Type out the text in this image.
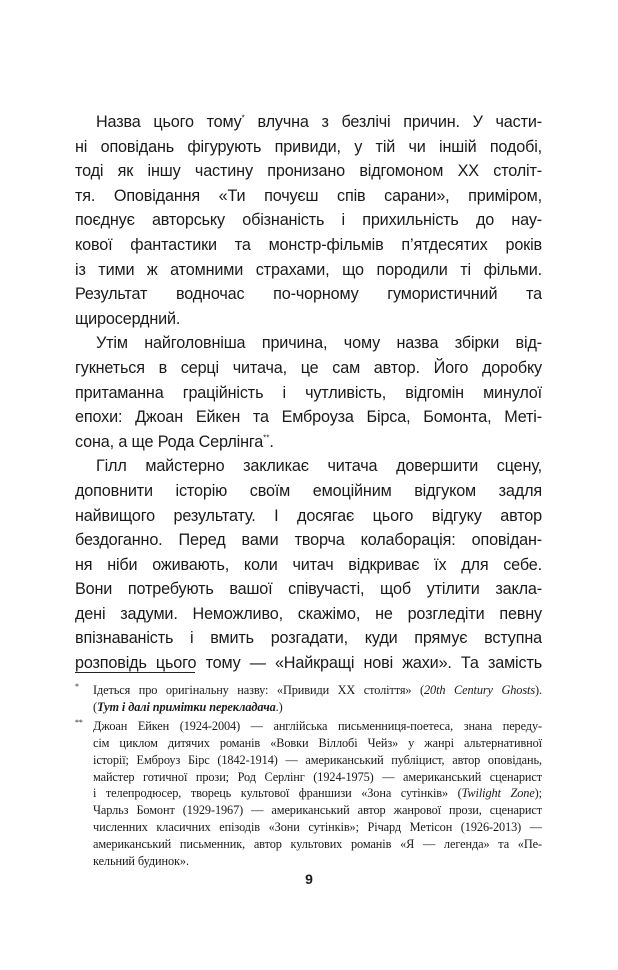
Назва цього тому* влучна з безлічі причин. У части-
ні оповідань фігурують привиди, у тій чи іншій подобі,
тоді як іншу частину пронизано відгомоном XX століт-
тя. Оповідання «Ти почуєш спів сарани», приміром,
поєднує авторську обізнаність і прихильність до нау-
кової фантастики та монстр-фільмів п’ятдесятих років
із тими ж атомними страхами, що породили ті фільми.
Результат водночас по-чорному гумористичний та
щиросердний.

Утім найголовніша причина, чому назва збірки від-
гукнеться в серці читача, це сам автор. Його доробку
притаманна граційність і чутливість, відгомін минулої
епохи: Джоан Ейкен та Емброуза Бірса, Бомонта, Меті-
сона, а ще Рода Серлінга**.

Гілл майстерно закликає читача довершити сцену,
доповнити історію своїм емоційним відгуком задля
найвищого результату. І досягає цього відгуку автор
бездоганно. Перед вами творча колаборація: оповідан-
ня ніби оживають, коли читач відкриває їх для себе.
Вони потребують вашої співучасті, щоб утілити заклa-
дені задуми. Неможливо, скажімо, не розгледіти певну
впізнаваність і вмить розгадати, куди прямує вступна
розповідь цього тому — «Найкращі нові жахи». Та замість

* Ідеться про оригінальну назву: «Привиди XX століття» (20th Century Ghosts).
(Тут і далі примітки перекладача.)
** Джоан Ейкен (1924-2004) — англійська письменниця-поетеса, знана переду-
сім циклом дитячих романів «Вовки Віллобі Чейз» у жанрі альтернативної
історії; Емброуз Бірс (1842-1914) — американський публіцист, автор оповідань,
майстер готичної прози; Род Серлінг (1924-1975) — американський сценарист
і телепродюсер, творець культової франшизи «Зона сутінків» (Twilight Zone);
Чарльз Бомонт (1929-1967) — американський автор жанрової прози, сценарист
численних класичних епізодів «Зони сутінків»; Річард Метісон (1926-2013) —
американський письменник, автор культових романів «Я — легенда» та «Пе-
кельний будинок».
9
